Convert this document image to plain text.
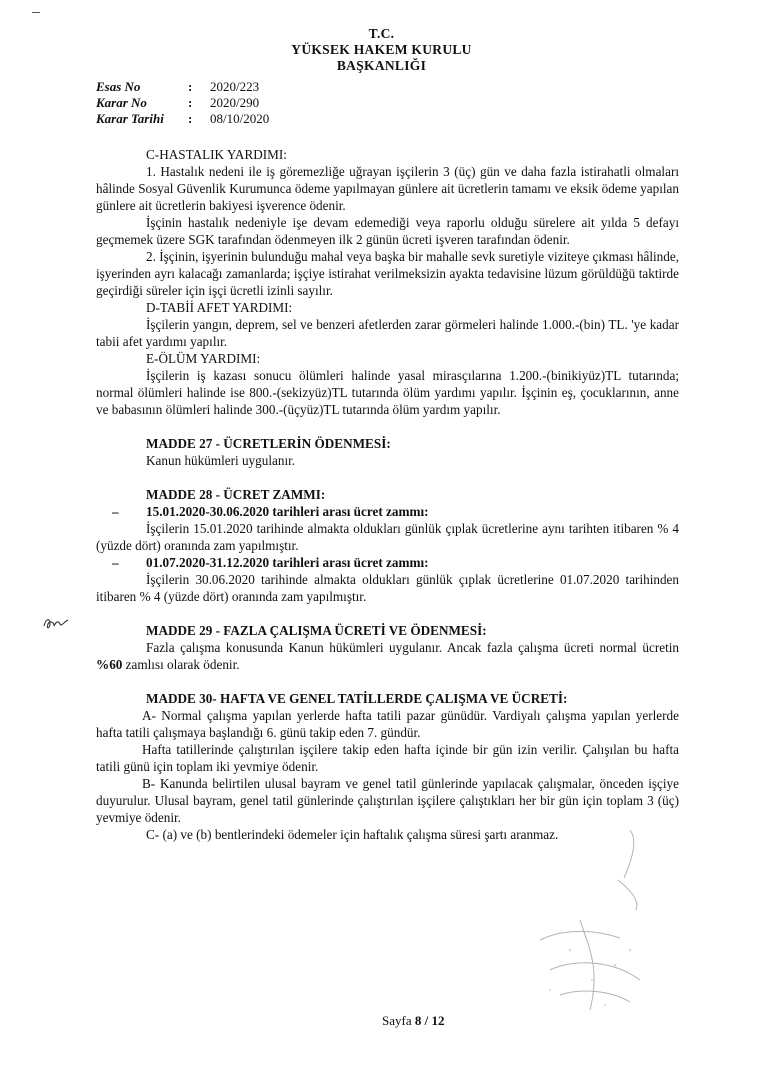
T.C.
YÜKSEK HAKEM KURULU
BAŞKANLIĞI
Esas No	:	2020/223
Karar No	:	2020/290
Karar Tarihi	:	08/10/2020

C-HASTALIK YARDIMI:

1. Hastalık nedeni ile iş göremezliğe uğrayan işçilerin 3 (üç) gün ve daha fazla istirahatli olmaları hâlinde Sosyal Güvenlik Kurumunca ödeme yapılmayan günlere ait ücretlerin tamamı ve eksik ödeme yapılan günlere ait ücretlerin bakiyesi işverence ödenir.

İşçinin hastalık nedeniyle işe devam edemediği veya raporlu olduğu sürelere ait yılda 5 defayı geçmemek üzere SGK tarafından ödenmeyen ilk 2 günün ücreti işveren tarafından ödenir.

2. İşçinin, işyerinin bulunduğu mahal veya başka bir mahalle sevk suretiyle viziteye çıkması hâlinde, işyerinden ayrı kalacağı zamanlarda; işçiye istirahat verilmeksizin ayakta tedavisine lüzum görüldüğü taktirde geçirdiği süreler için işçi ücretli izinli sayılır.

D-TABİİ AFET YARDIMI:

İşçilerin yangın, deprem, sel ve benzeri afetlerden zarar görmeleri halinde 1.000.-(bin) TL. 'ye kadar tabii afet yardımı yapılır.

E-ÖLÜM YARDIMI:

İşçilerin iş kazası sonucu ölümleri halinde yasal mirasçılarına 1.200.-(binikiyüz)TL tutarında; normal ölümleri halinde ise 800.-(sekizyüz)TL tutarında ölüm yardımı yapılır. İşçinin eş, çocuklarının, anne ve babasının ölümleri halinde 300.-(üçyüz)TL tutarında ölüm yardım yapılır.

MADDE 27 - ÜCRETLERİN ÖDENMESİ:

Kanun hükümleri uygulanır.

MADDE 28 - ÜCRET ZAMMI:

– 15.01.2020-30.06.2020 tarihleri arası ücret zammı:

İşçilerin 15.01.2020 tarihinde almakta oldukları günlük çıplak ücretlerine aynı tarihten itibaren % 4 (yüzde dört) oranında zam yapılmıştır.

– 01.07.2020-31.12.2020 tarihleri arası ücret zammı:

İşçilerin 30.06.2020 tarihinde almakta oldukları günlük çıplak ücretlerine 01.07.2020 tarihinden itibaren % 4 (yüzde dört) oranında zam yapılmıştır.

MADDE 29 - FAZLA ÇALIŞMA ÜCRETİ VE ÖDENMESİ:

Fazla çalışma konusunda Kanun hükümleri uygulanır. Ancak fazla çalışma ücreti normal ücretin %60 zamlısı olarak ödenir.

MADDE 30- HAFTA VE GENEL TATİLLERDE ÇALIŞMA VE ÜCRETİ:

A- Normal çalışma yapılan yerlerde hafta tatili pazar günüdür. Vardiyalı çalışma yapılan yerlerde hafta tatili çalışmaya başlandığı 6. günü takip eden 7. gündür.

Hafta tatillerinde çalıştırılan işçilere takip eden hafta içinde bir gün izin verilir. Çalışılan bu hafta tatili günü için toplam iki yevmiye ödenir.

B- Kanunda belirtilen ulusal bayram ve genel tatil günlerinde yapılacak çalışmalar, önceden işçiye duyurulur. Ulusal bayram, genel tatil günlerinde çalıştırılan işçilere çalıştıkları her bir gün için toplam 3 (üç) yevmiye ödenir.

C- (a) ve (b) bentlerindeki ödemeler için haftalık çalışma süresi şartı aranmaz.

Sayfa 8 / 12
